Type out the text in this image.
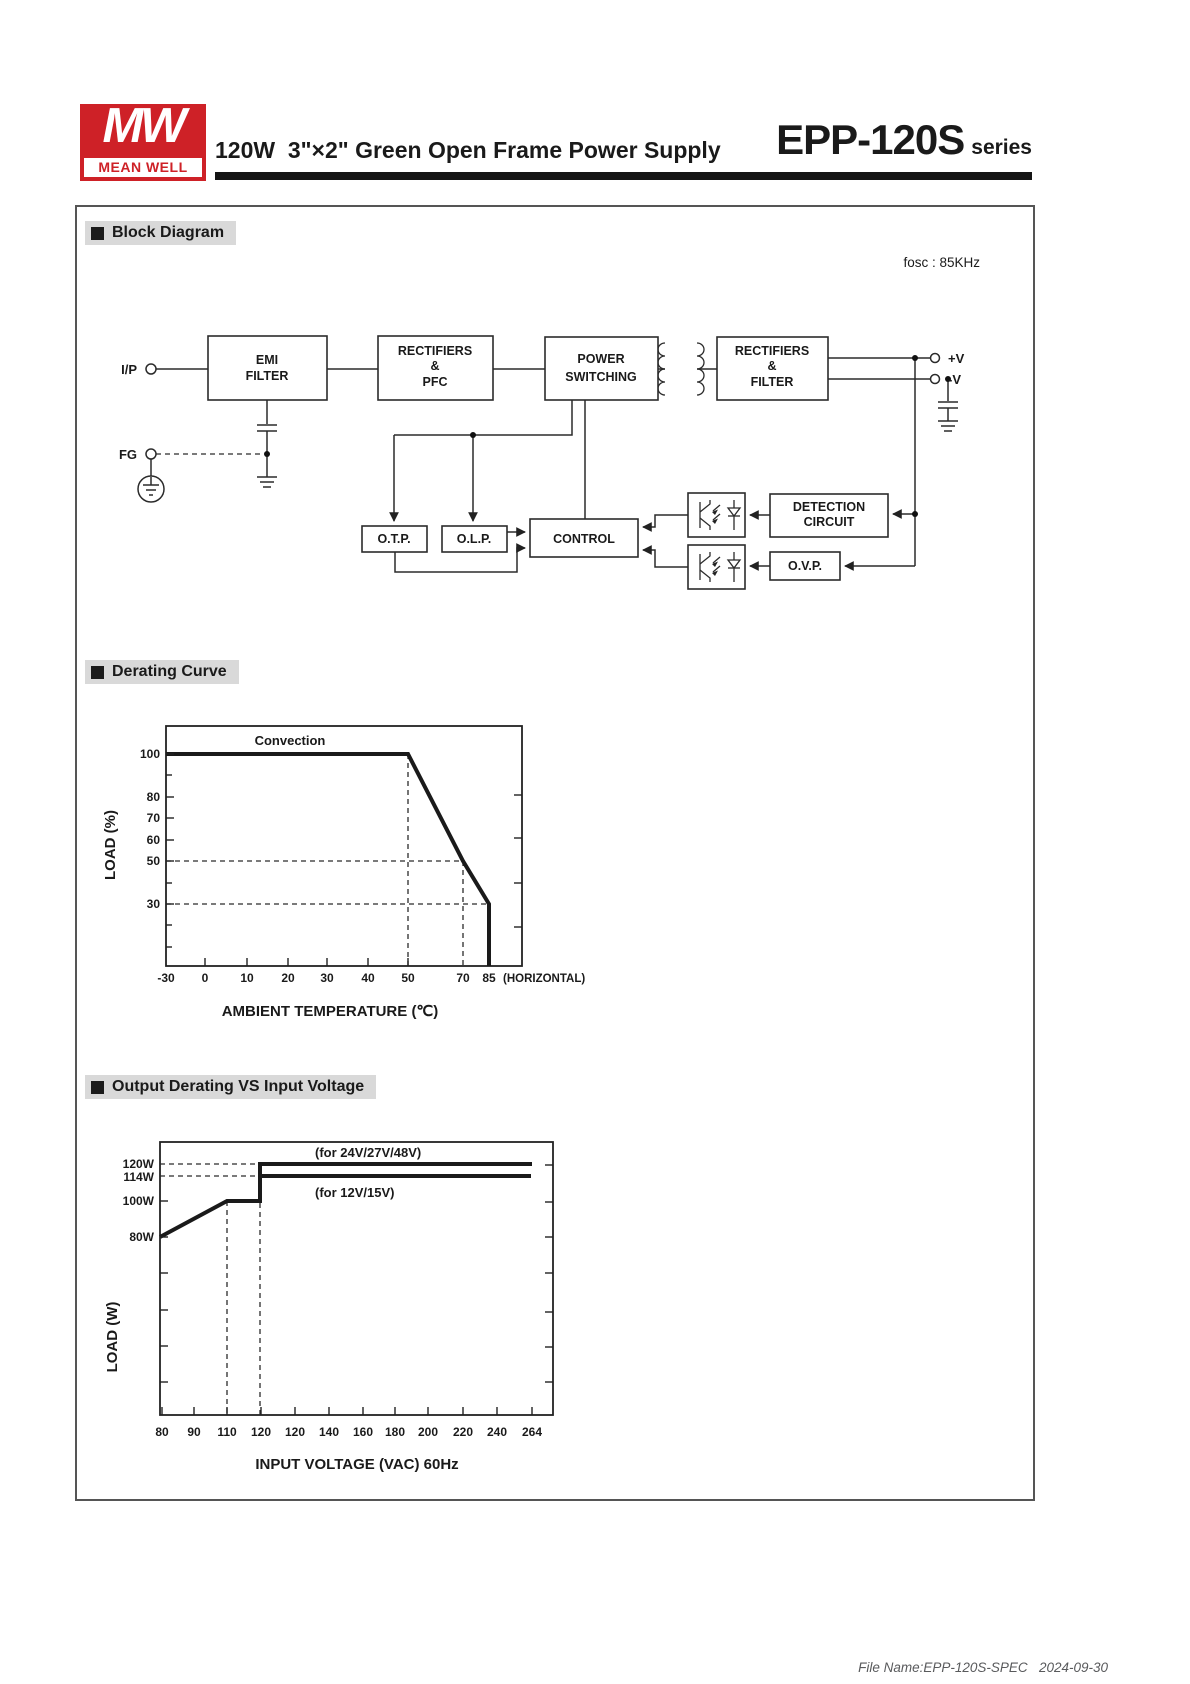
MW
MEAN WELL
120W  3"×2" Green Open Frame Power Supply EPP-120S series
Block Diagram
Derating Curve
Output Derating VS Input Voltage
fosc : 85KHz
EMI
FILTER
RECTIFIERS
&
PFC
POWER
SWITCHING
RECTIFIERS
&
FILTER
O.T.P.	O.L.P.	CONTROL
DETECTION
CIRCUIT
O.V.P.
I/P
FG
+V
-V
Convection
100
80
70
60
50
30
-30 0	10 20 30 40 50	70 85 (HORIZONTAL)
LOAD (%)
AMBIENT TEMPERATURE (℃)
(for 24V/27V/48V)
(for 12V/15V)
120W
114W
100W
80W
80 90 110 120 120 140 160 180 200 220 240 264
LOAD (W)
INPUT VOLTAGE (VAC) 60Hz
File Name:EPP-120S-SPEC   2024-09-30
